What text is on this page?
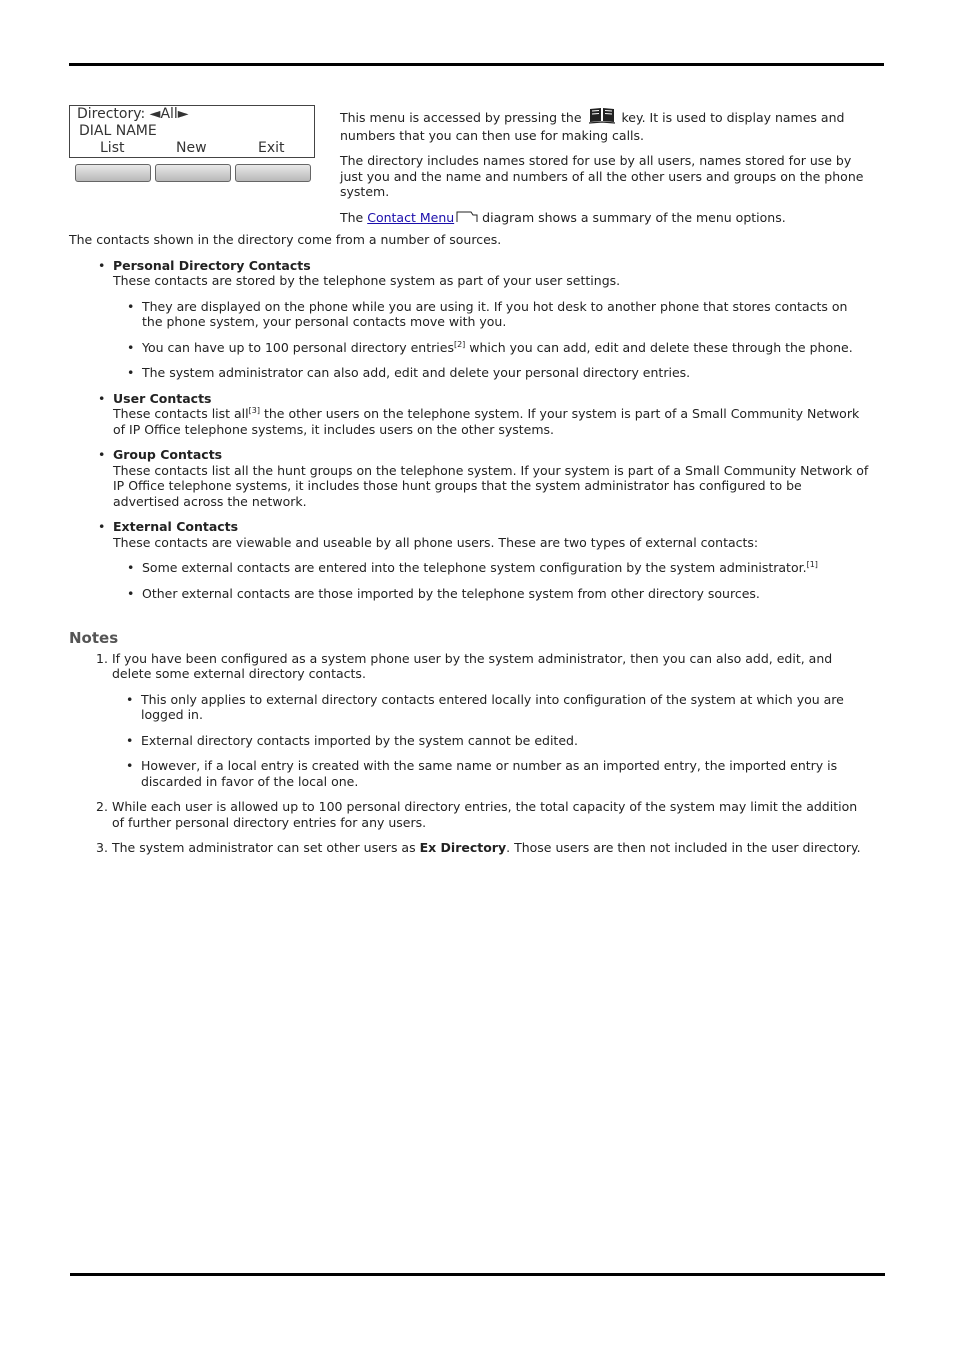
Directory: ◄All►
DIAL NAME
List	New	Exit

This menu is accessed by pressing the	key. It is used to display names and numbers that you can then use for making calls.

The directory includes names stored for use by all users, names stored for use by just you and the name and numbers of all the other users and groups on the phone system.

The Contact Menu diagram shows a summary of the menu options.

The contacts shown in the directory come from a number of sources.

• Personal Directory Contacts
These contacts are stored by the telephone system as part of your user settings.
• They are displayed on the phone while you are using it. If you hot desk to another phone that stores contacts on the phone system, your personal contacts move with you.
• You can have up to 100 personal directory entries[2] which you can add, edit and delete these through the phone.
• The system administrator can also add, edit and delete your personal directory entries.
• User Contacts
These contacts list all[3] the other users on the telephone system. If your system is part of a Small Community Network of IP Office telephone systems, it includes users on the other systems.
• Group Contacts
These contacts list all the hunt groups on the telephone system. If your system is part of a Small Community Network of IP Office telephone systems, it includes those hunt groups that the system administrator has configured to be advertised across the network.
• External Contacts
These contacts are viewable and useable by all phone users. These are two types of external contacts:
• Some external contacts are entered into the telephone system configuration by the system administrator.[1]
• Other external contacts are those imported by the telephone system from other directory sources.
Notes
1. If you have been configured as a system phone user by the system administrator, then you can also add, edit, and delete some external directory contacts.
• This only applies to external directory contacts entered locally into configuration of the system at which you are logged in.
• External directory contacts imported by the system cannot be edited.
• However, if a local entry is created with the same name or number as an imported entry, the imported entry is discarded in favor of the local one.
2. While each user is allowed up to 100 personal directory entries, the total capacity of the system may limit the addition of further personal directory entries for any users.
3. The system administrator can set other users as Ex Directory. Those users are then not included in the user directory.
